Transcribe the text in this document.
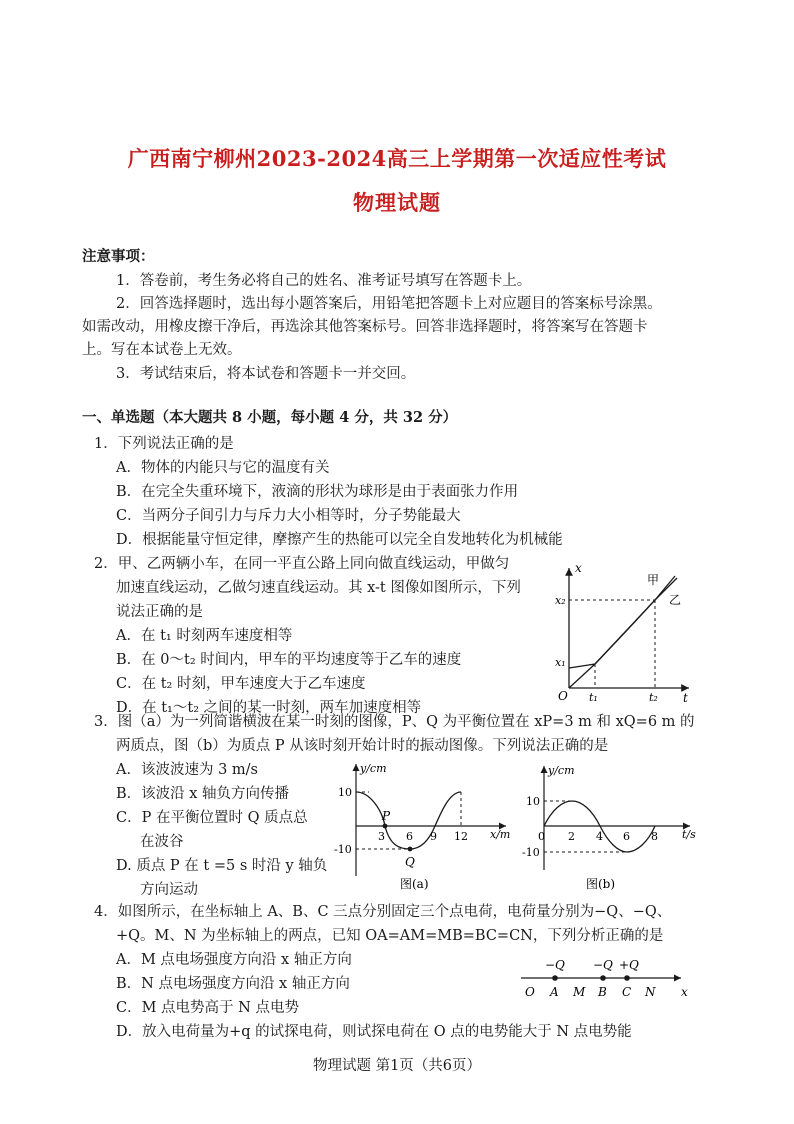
广西南宁柳州2023-2024高三上学期第一次适应性考试
物理试题
注意事项：
1．答卷前，考生务必将自己的姓名、准考证号填写在答题卡上。
2．回答选择题时，选出每小题答案后，用铅笔把答题卡上对应题目的答案标号涂黑。
如需改动，用橡皮擦干净后，再选涂其他答案标号。回答非选择题时，将答案写在答题卡
上。写在本试卷上无效。
3．考试结束后，将本试卷和答题卡一并交回。
一、单选题（本大题共 8 小题，每小题 4 分，共 32 分）
1．下列说法正确的是
A．物体的内能只与它的温度有关
B．在完全失重环境下，液滴的形状为球形是由于表面张力作用
C．当两分子间引力与斥力大小相等时，分子势能最大
D．根据能量守恒定律，摩擦产生的热能可以完全自发地转化为机械能
2．甲、乙两辆小车，在同一平直公路上同向做直线运动，甲做匀
加速直线运动，乙做匀速直线运动。其 x-t 图像如图所示，下列
说法正确的是
A．在 t₁ 时刻两车速度相等
B．在 0～t₂ 时间内，甲车的平均速度等于乙车的速度
C．在 t₂ 时刻，甲车速度大于乙车速度
D．在 t₁～t₂ 之间的某一时刻，两车加速度相等
x
t
O
x₂
x₁
t₁	t₂
甲
乙
3．图（a）为一列简谐横波在某一时刻的图像，P、Q 为平衡位置在 xP=3 m 和 xQ=6 m 的
两质点，图（b）为质点 P 从该时刻开始计时的振动图像。下列说法正确的是
A．该波波速为 3 m/s
B．该波沿 x 轴负方向传播
C．P 在平衡位置时 Q 质点总
在波谷
D. 质点 P 在 t =5 s 时沿 y 轴负
方向运动
y/cm
x/m
10
-10
3 6 9 12
P
Q
图(a)
y/cm
t/s
10
-10
0 2 4 6 8
图(b)
4．如图所示，在坐标轴上 A、B、C 三点分别固定三个点电荷，电荷量分别为−Q、−Q、
+Q。M、N 为坐标轴上的两点，已知 OA=AM=MB=BC=CN，下列分析正确的是
A．M 点电场强度方向沿 x 轴正方向
B．N 点电场强度方向沿 x 轴正方向
C．M 点电势高于 N 点电势
D．放入电荷量为+q 的试探电荷，则试探电荷在 O 点的电势能大于 N 点电势能
−Q −Q +Q
O A M B C N x
物理试题 第1页（共6页）
